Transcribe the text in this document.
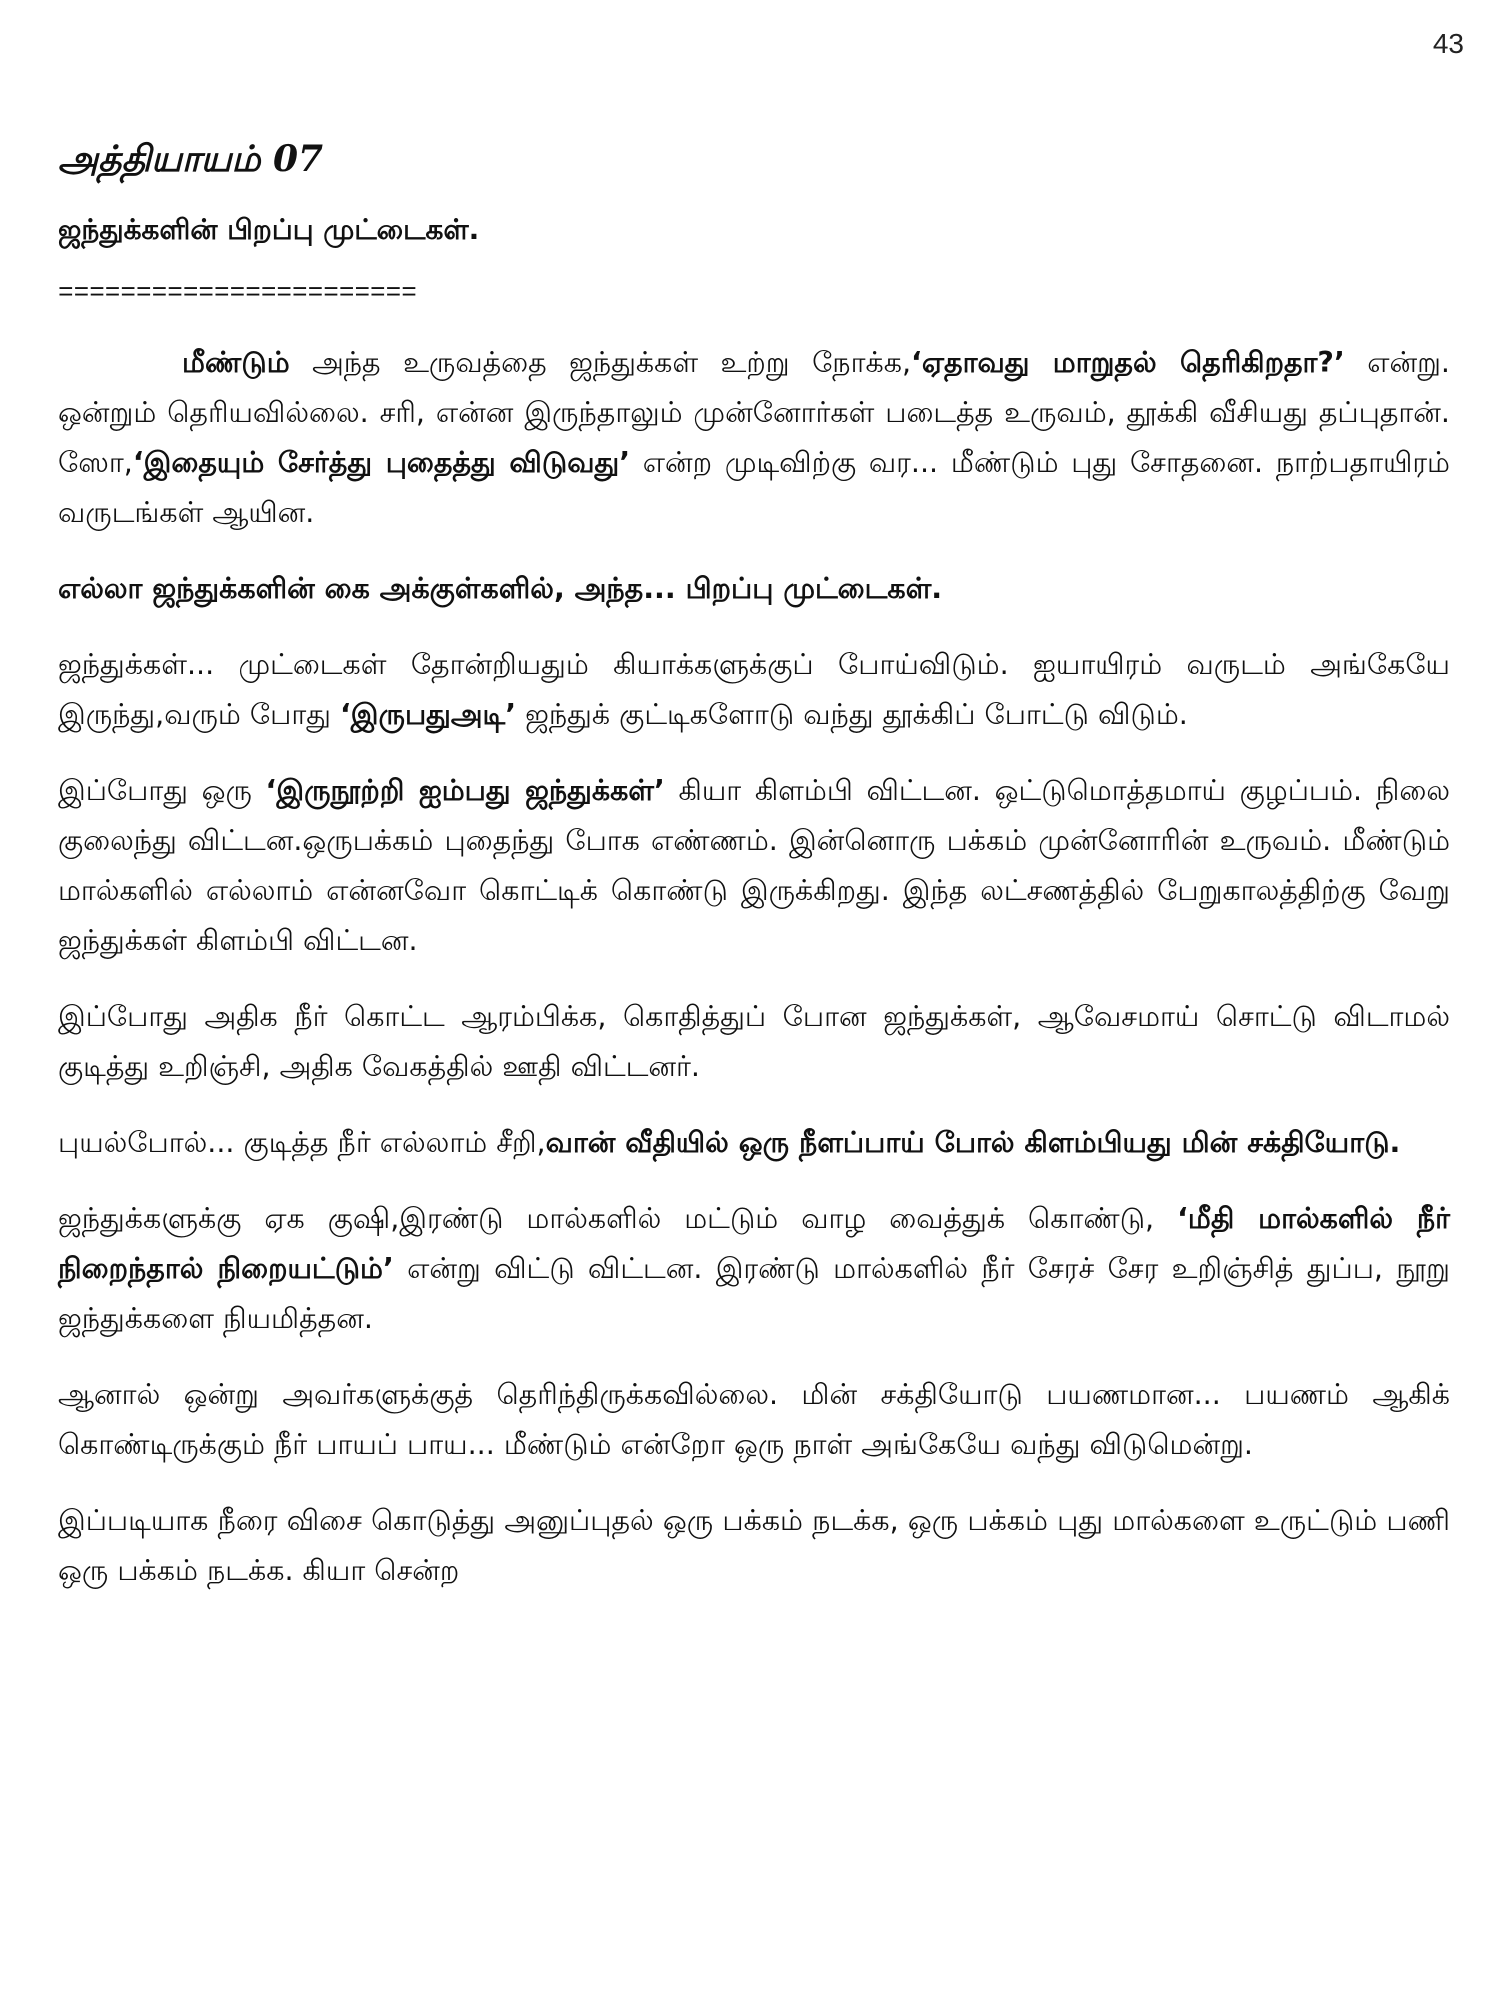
43
அத்தியாயம் 07
ஜந்துக்களின் பிறப்பு முட்டைகள்.
=======================

மீண்டும் அந்த உருவத்தை ஜந்துக்கள் உற்று நோக்க,‘ஏதாவது மாறுதல் தெரிகிறதா?’ என்று. ஒன்றும் தெரியவில்லை. சரி, என்ன இருந்தாலும் முன்னோர்கள் படைத்த உருவம், தூக்கி வீசியது தப்புதான். ஸோ,‘இதையும் சேர்த்து புதைத்து விடுவது’ என்ற முடிவிற்கு வர... மீண்டும் புது சோதனை. நாற்பதாயிரம் வருடங்கள் ஆயின.

எல்லா ஜந்துக்களின் கை அக்குள்களில், அந்த... பிறப்பு முட்டைகள்.

ஜந்துக்கள்... முட்டைகள் தோன்றியதும் கியாக்களுக்குப் போய்விடும். ஐயாயிரம் வருடம் அங்கேயே இருந்து,வரும் போது ‘இருபதுஅடி’ ஜந்துக் குட்டிகளோடு வந்து தூக்கிப் போட்டு விடும்.

இப்போது ஒரு ‘இருநூற்றி ஐம்பது ஜந்துக்கள்’ கியா கிளம்பி விட்டன. ஒட்டுமொத்தமாய் குழப்பம். நிலை குலைந்து விட்டன.ஒருபக்கம் புதைந்து போக எண்ணம். இன்னொரு பக்கம் முன்னோரின் உருவம். மீண்டும் மால்களில் எல்லாம் என்னவோ கொட்டிக் கொண்டு இருக்கிறது. இந்த லட்சணத்தில் பேறுகாலத்திற்கு வேறு ஜந்துக்கள் கிளம்பி விட்டன.

இப்போது அதிக நீர் கொட்ட ஆரம்பிக்க, கொதித்துப் போன ஜந்துக்கள், ஆவேசமாய் சொட்டு விடாமல் குடித்து உறிஞ்சி, அதிக வேகத்தில் ஊதி விட்டனர்.

புயல்போல்... குடித்த நீர் எல்லாம் சீறி,வான் வீதியில் ஒரு நீளப்பாய் போல் கிளம்பியது மின் சக்தியோடு.

ஜந்துக்களுக்கு ஏக குஷி,இரண்டு மால்களில் மட்டும் வாழ வைத்துக் கொண்டு, ‘மீதி மால்களில் நீர் நிறைந்தால் நிறையட்டும்’ என்று விட்டு விட்டன. இரண்டு மால்களில் நீர் சேரச் சேர உறிஞ்சித் துப்ப, நூறு ஜந்துக்களை நியமித்தன.

ஆனால் ஒன்று அவர்களுக்குத் தெரிந்திருக்கவில்லை. மின் சக்தியோடு பயணமான... பயணம் ஆகிக் கொண்டிருக்கும் நீர் பாயப் பாய... மீண்டும் என்றோ ஒரு நாள் அங்கேயே வந்து விடுமென்று.

இப்படியாக நீரை விசை கொடுத்து அனுப்புதல் ஒரு பக்கம் நடக்க, ஒரு பக்கம் புது மால்களை உருட்டும் பணி ஒரு பக்கம் நடக்க. கியா சென்ற
